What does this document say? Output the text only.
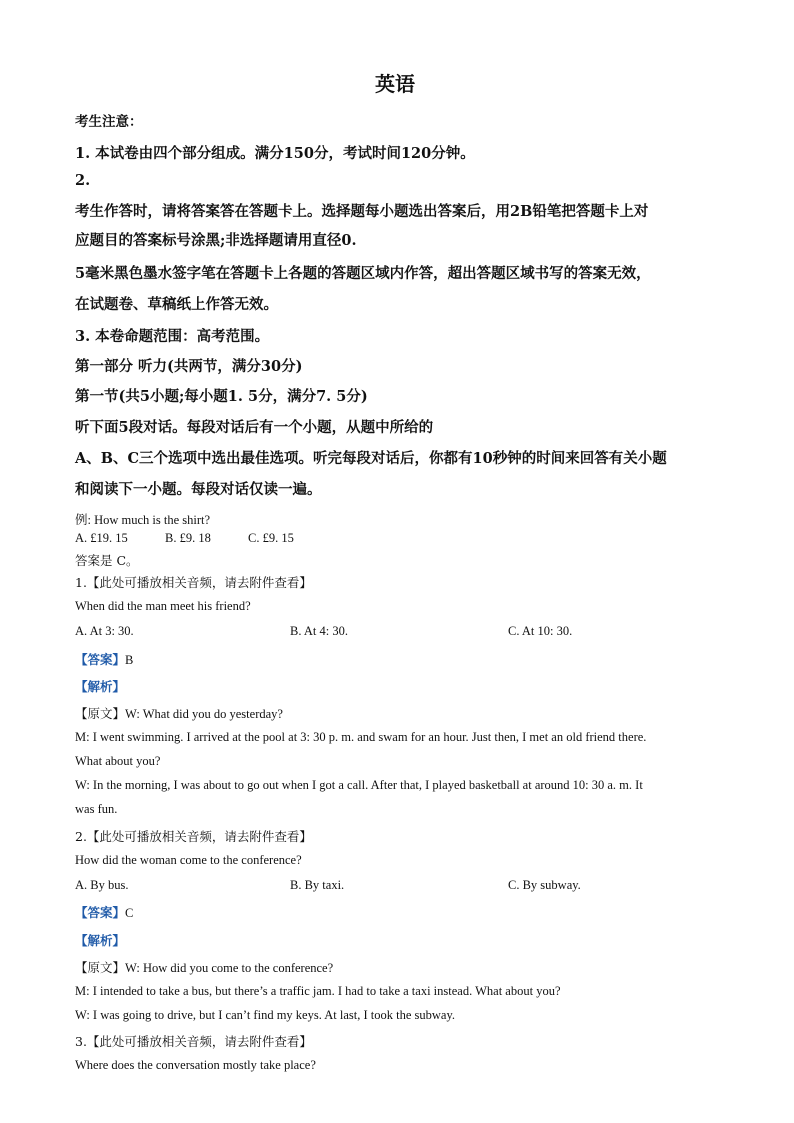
英语
考生注意：
1. 本试卷由四个部分组成。满分150分，考试时间120分钟。
2.
考生作答时，请将答案答在答题卡上。选择题每小题选出答案后，用2B铅笔把答题卡上对
应题目的答案标号涂黑;非选择题请用直径0.
5毫米黑色墨水签字笔在答题卡上各题的答题区域内作答，超出答题区域书写的答案无效，
在试题卷、草稿纸上作答无效。
3. 本卷命题范围：高考范围。
第一部分 听力(共两节，满分30分)
第一节(共5小题;每小题1. 5分，满分7. 5分)
听下面5段对话。每段对话后有一个小题，从题中所给的
A、B、C三个选项中选出最佳选项。听完每段对话后，你都有10秒钟的时间来回答有关小题
和阅读下一小题。每段对话仅读一遍。
例: How much is the shirt?
A. £19. 15	B. £9. 18	C. £9. 15
答案是 C。
1.【此处可播放相关音频，请去附件查看】
When did the man meet his friend?
A. At 3: 30.	B. At 4: 30.	C. At 10: 30.
【答案】B
【解析】
【原文】W: What did you do yesterday?
M: I went swimming. I arrived at the pool at 3: 30 p. m. and swam for an hour. Just then, I met an old friend there.
What about you?
W: In the morning, I was about to go out when I got a call. After that, I played basketball at around 10: 30 a. m. It
was fun.
2.【此处可播放相关音频，请去附件查看】
How did the woman come to the conference?
A. By bus.	B. By taxi.	C. By subway.
【答案】C
【解析】
【原文】W: How did you come to the conference?
M: I intended to take a bus, but there’s a traffic jam. I had to take a taxi instead. What about you?
W: I was going to drive, but I can’t find my keys. At last, I took the subway.
3.【此处可播放相关音频，请去附件查看】
Where does the conversation mostly take place?
